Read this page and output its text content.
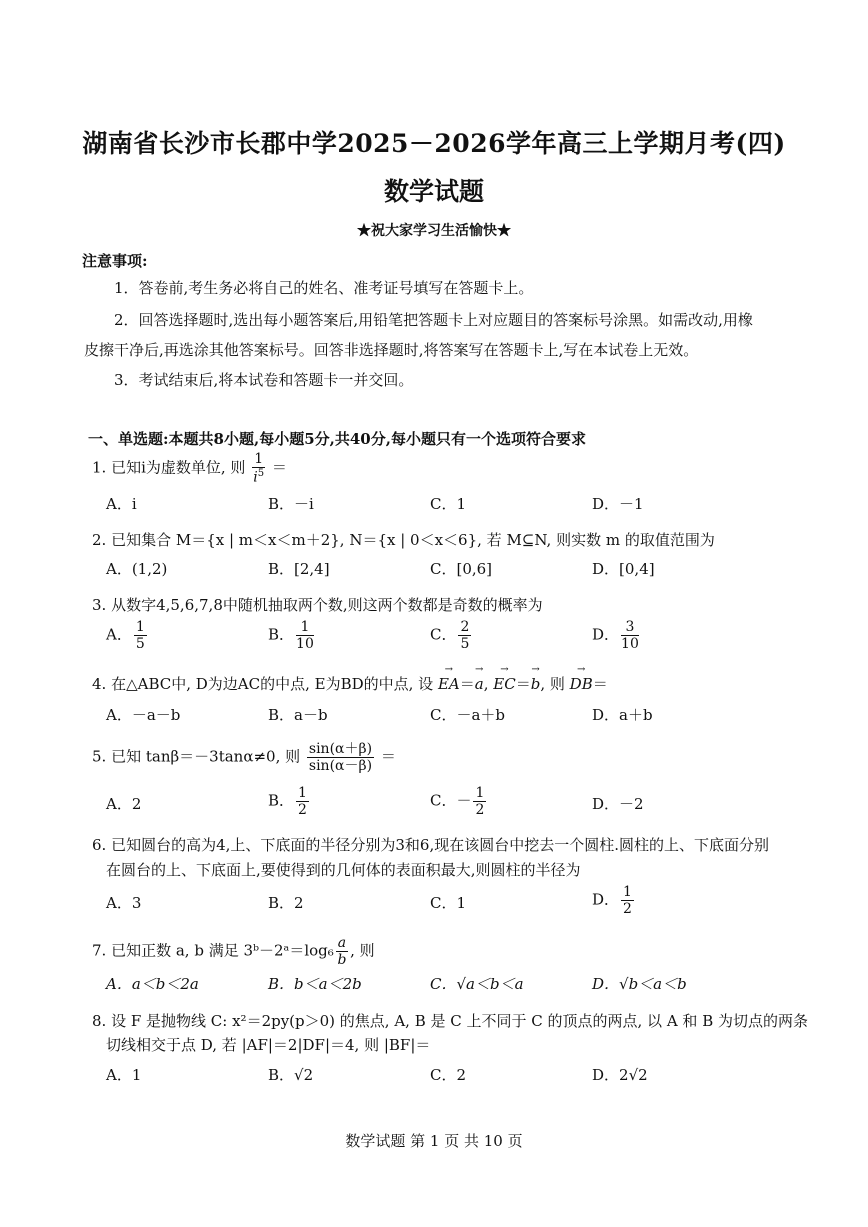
湖南省长沙市长郡中学2025－2026学年高三上学期月考(四)
数学试题
★祝大家学习生活愉快★
注意事项:
1．答卷前,考生务必将自己的姓名、准考证号填写在答题卡上。
2．回答选择题时,选出每小题答案后,用铅笔把答题卡上对应题目的答案标号涂黑。如需改动,用橡
皮擦干净后,再选涂其他答案标号。回答非选择题时,将答案写在答题卡上,写在本试卷上无效。
3．考试结束后,将本试卷和答题卡一并交回。
一、单选题:本题共8小题,每小题5分,共40分,每小题只有一个选项符合要求
1. 已知i为虚数单位, 则 $\frac{1}{i^5}$ ＝
A．i	B．－i	C．1	D．－1
2. 已知集合 M＝{x | m＜x＜m＋2}, N＝{x | 0＜x＜6}, 若 M⊆N, 则实数 m 的取值范围为
A．(1,2)	B．[2,4]	C．[0,6]	D．[0,4]
3. 从数字4,5,6,7,8中随机抽取两个数,则这两个数都是奇数的概率为
A． $\frac{1}{5}$	B． $\frac{1}{10}$	C． $\frac{2}{5}$	D． $\frac{3}{10}$
4. 在△ABC中, D为边AC的中点, E为BD的中点, 设 → EA＝→ a, → EC＝→ b, 则 → DB＝
A．－a－b	B．a－b	C．－a＋b	D．a＋b
5. 已知 tanβ＝－3tanα≠0, 则 $\frac{\sin(\alpha+\beta)}{\sin(\alpha-\beta)}$ ＝
A．2	B． $\frac{1}{2}$	C．－ $\frac{1}{2}$	D．－2
6. 已知圆台的高为4,上、下底面的半径分别为3和6,现在该圆台中挖去一个圆柱.圆柱的上、下底面分别
在圆台的上、下底面上,要使得到的几何体的表面积最大,则圆柱的半径为
A．3	B．2	C．1	D． $\frac{1}{2}$
7. 已知正数 a, b 满足 3ᵇ－2ᵃ＝log₆ $\frac{a}{b}$ , 则
A．a＜b＜2a	B．b＜a＜2b	C．√a＜b＜a	D．√b＜a＜b
8. 设 F 是抛物线 C: x²＝2py(p＞0) 的焦点, A, B 是 C 上不同于 C 的顶点的两点, 以 A 和 B 为切点的两条
切线相交于点 D, 若 |AF|＝2|DF|＝4, 则 |BF|＝
A．1	B．√2	C．2	D．2√2
数学试题 第 1 页 共 10 页
